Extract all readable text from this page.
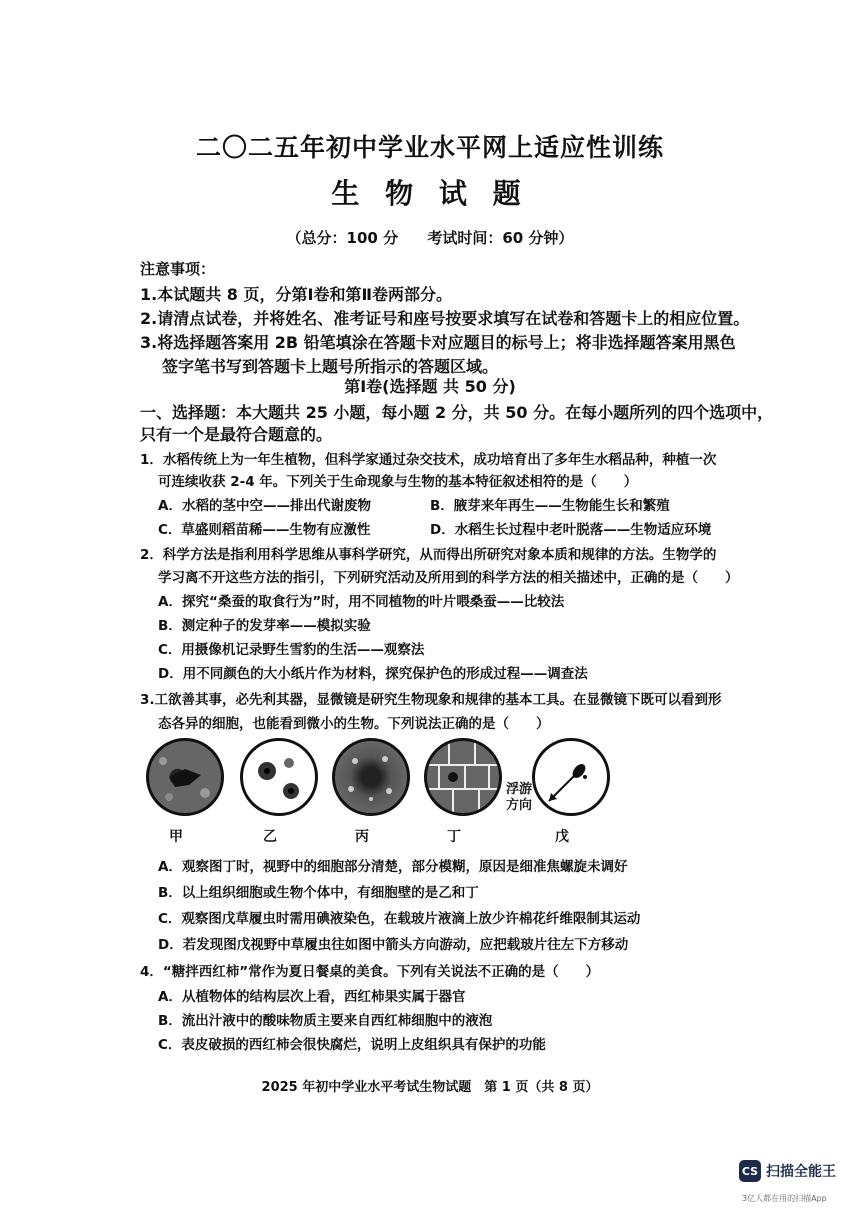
二〇二五年初中学业水平网上适应性训练
生 物 试 题
（总分：100 分 考试时间：60 分钟）
注意事项：
1.本试题共 8 页，分第Ⅰ卷和第Ⅱ卷两部分。
2.请清点试卷，并将姓名、准考证号和座号按要求填写在试卷和答题卡上的相应位置。
3.将选择题答案用 2B 铅笔填涂在答题卡对应题目的标号上；将非选择题答案用黑色
签字笔书写到答题卡上题号所指示的答题区域。
第Ⅰ卷(选择题 共 50 分)
一、选择题：本大题共 25 小题，每小题 2 分，共 50 分。在每小题所列的四个选项中，
只有一个是最符合题意的。
1．水稻传统上为一年生植物，但科学家通过杂交技术，成功培育出了多年生水稻品种，种植一次
可连续收获 2-4 年。下列关于生命现象与生物的基本特征叙述相符的是（　　）
A．水稻的茎中空——排出代谢废物	B．腋芽来年再生——生物能生长和繁殖
C．草盛则稻苗稀——生物有应激性	D．水稻生长过程中老叶脱落——生物适应环境
2．科学方法是指利用科学思维从事科学研究，从而得出所研究对象本质和规律的方法。生物学的
学习离不开这些方法的指引，下列研究活动及所用到的科学方法的相关描述中，正确的是（　　）
A．探究“桑蚕的取食行为”时，用不同植物的叶片喂桑蚕——比较法
B．测定种子的发芽率——模拟实验
C．用摄像机记录野生雪豹的生活——观察法
D．用不同颜色的大小纸片作为材料，探究保护色的形成过程——调查法
3.工欲善其事，必先利其器，显微镜是研究生物现象和规律的基本工具。在显微镜下既可以看到形
态各异的细胞，也能看到微小的生物。下列说法正确的是（　　）
浮游
方向
甲	乙	丙	丁	戊
A．观察图丁时，视野中的细胞部分清楚，部分模糊，原因是细准焦螺旋未调好
B．以上组织细胞或生物个体中，有细胞壁的是乙和丁
C．观察图戊草履虫时需用碘液染色，在载玻片液滴上放少许棉花纤维限制其运动
D．若发现图戊视野中草履虫往如图中箭头方向游动，应把载玻片往左下方移动
4．“糖拌西红柿”常作为夏日餐桌的美食。下列有关说法不正确的是（　　）
A．从植物体的结构层次上看，西红柿果实属于器官
B．流出汁液中的酸味物质主要来自西红柿细胞中的液泡
C．表皮破损的西红柿会很快腐烂，说明上皮组织具有保护的功能
2025 年初中学业水平考试生物试题　第 1 页（共 8 页）
CS 扫描全能王
3亿人都在用的扫描App
